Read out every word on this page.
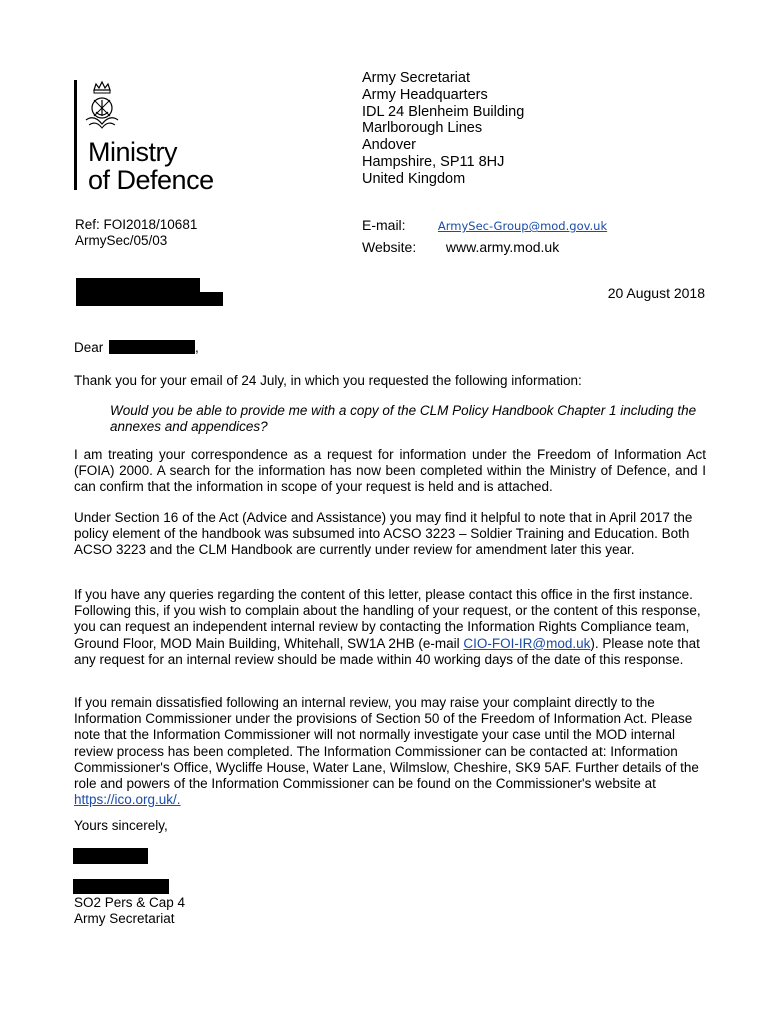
Ministry
of Defence
Army Secretariat
Army Headquarters
IDL 24 Blenheim Building
Marlborough Lines
Andover
Hampshire, SP11 8HJ
United Kingdom
Ref: FOI2018/10681
ArmySec/05/03
E-mail:	ArmySec-Group@mod.gov.uk
Website: www.army.mod.uk
20 August 2018
Dear	,

Thank you for your email of 24 July, in which you requested the following information:

Would you be able to provide me with a copy of the CLM Policy Handbook Chapter 1 including the annexes and appendices?

I am treating your correspondence as a request for information under the Freedom of Information Act (FOIA) 2000. A search for the information has now been completed within the Ministry of Defence, and I can confirm that the information in scope of your request is held and is attached.

Under Section 16 of the Act (Advice and Assistance) you may find it helpful to note that in April 2017 the policy element of the handbook was subsumed into ACSO 3223 – Soldier Training and Education. Both ACSO 3223 and the CLM Handbook are currently under review for amendment later this year.

If you have any queries regarding the content of this letter, please contact this office in the first instance. Following this, if you wish to complain about the handling of your request, or the content of this response, you can request an independent internal review by contacting the Information Rights Compliance team, Ground Floor, MOD Main Building, Whitehall, SW1A 2HB (e-mail CIO-FOI-IR@mod.uk). Please note that any request for an internal review should be made within 40 working days of the date of this response.

If you remain dissatisfied following an internal review, you may raise your complaint directly to the Information Commissioner under the provisions of Section 50 of the Freedom of Information Act. Please note that the Information Commissioner will not normally investigate your case until the MOD internal review process has been completed. The Information Commissioner can be contacted at: Information Commissioner's Office, Wycliffe House, Water Lane, Wilmslow, Cheshire, SK9 5AF. Further details of the role and powers of the Information Commissioner can be found on the Commissioner's website at https://ico.org.uk/.

Yours sincerely,
SO2 Pers & Cap 4
Army Secretariat
